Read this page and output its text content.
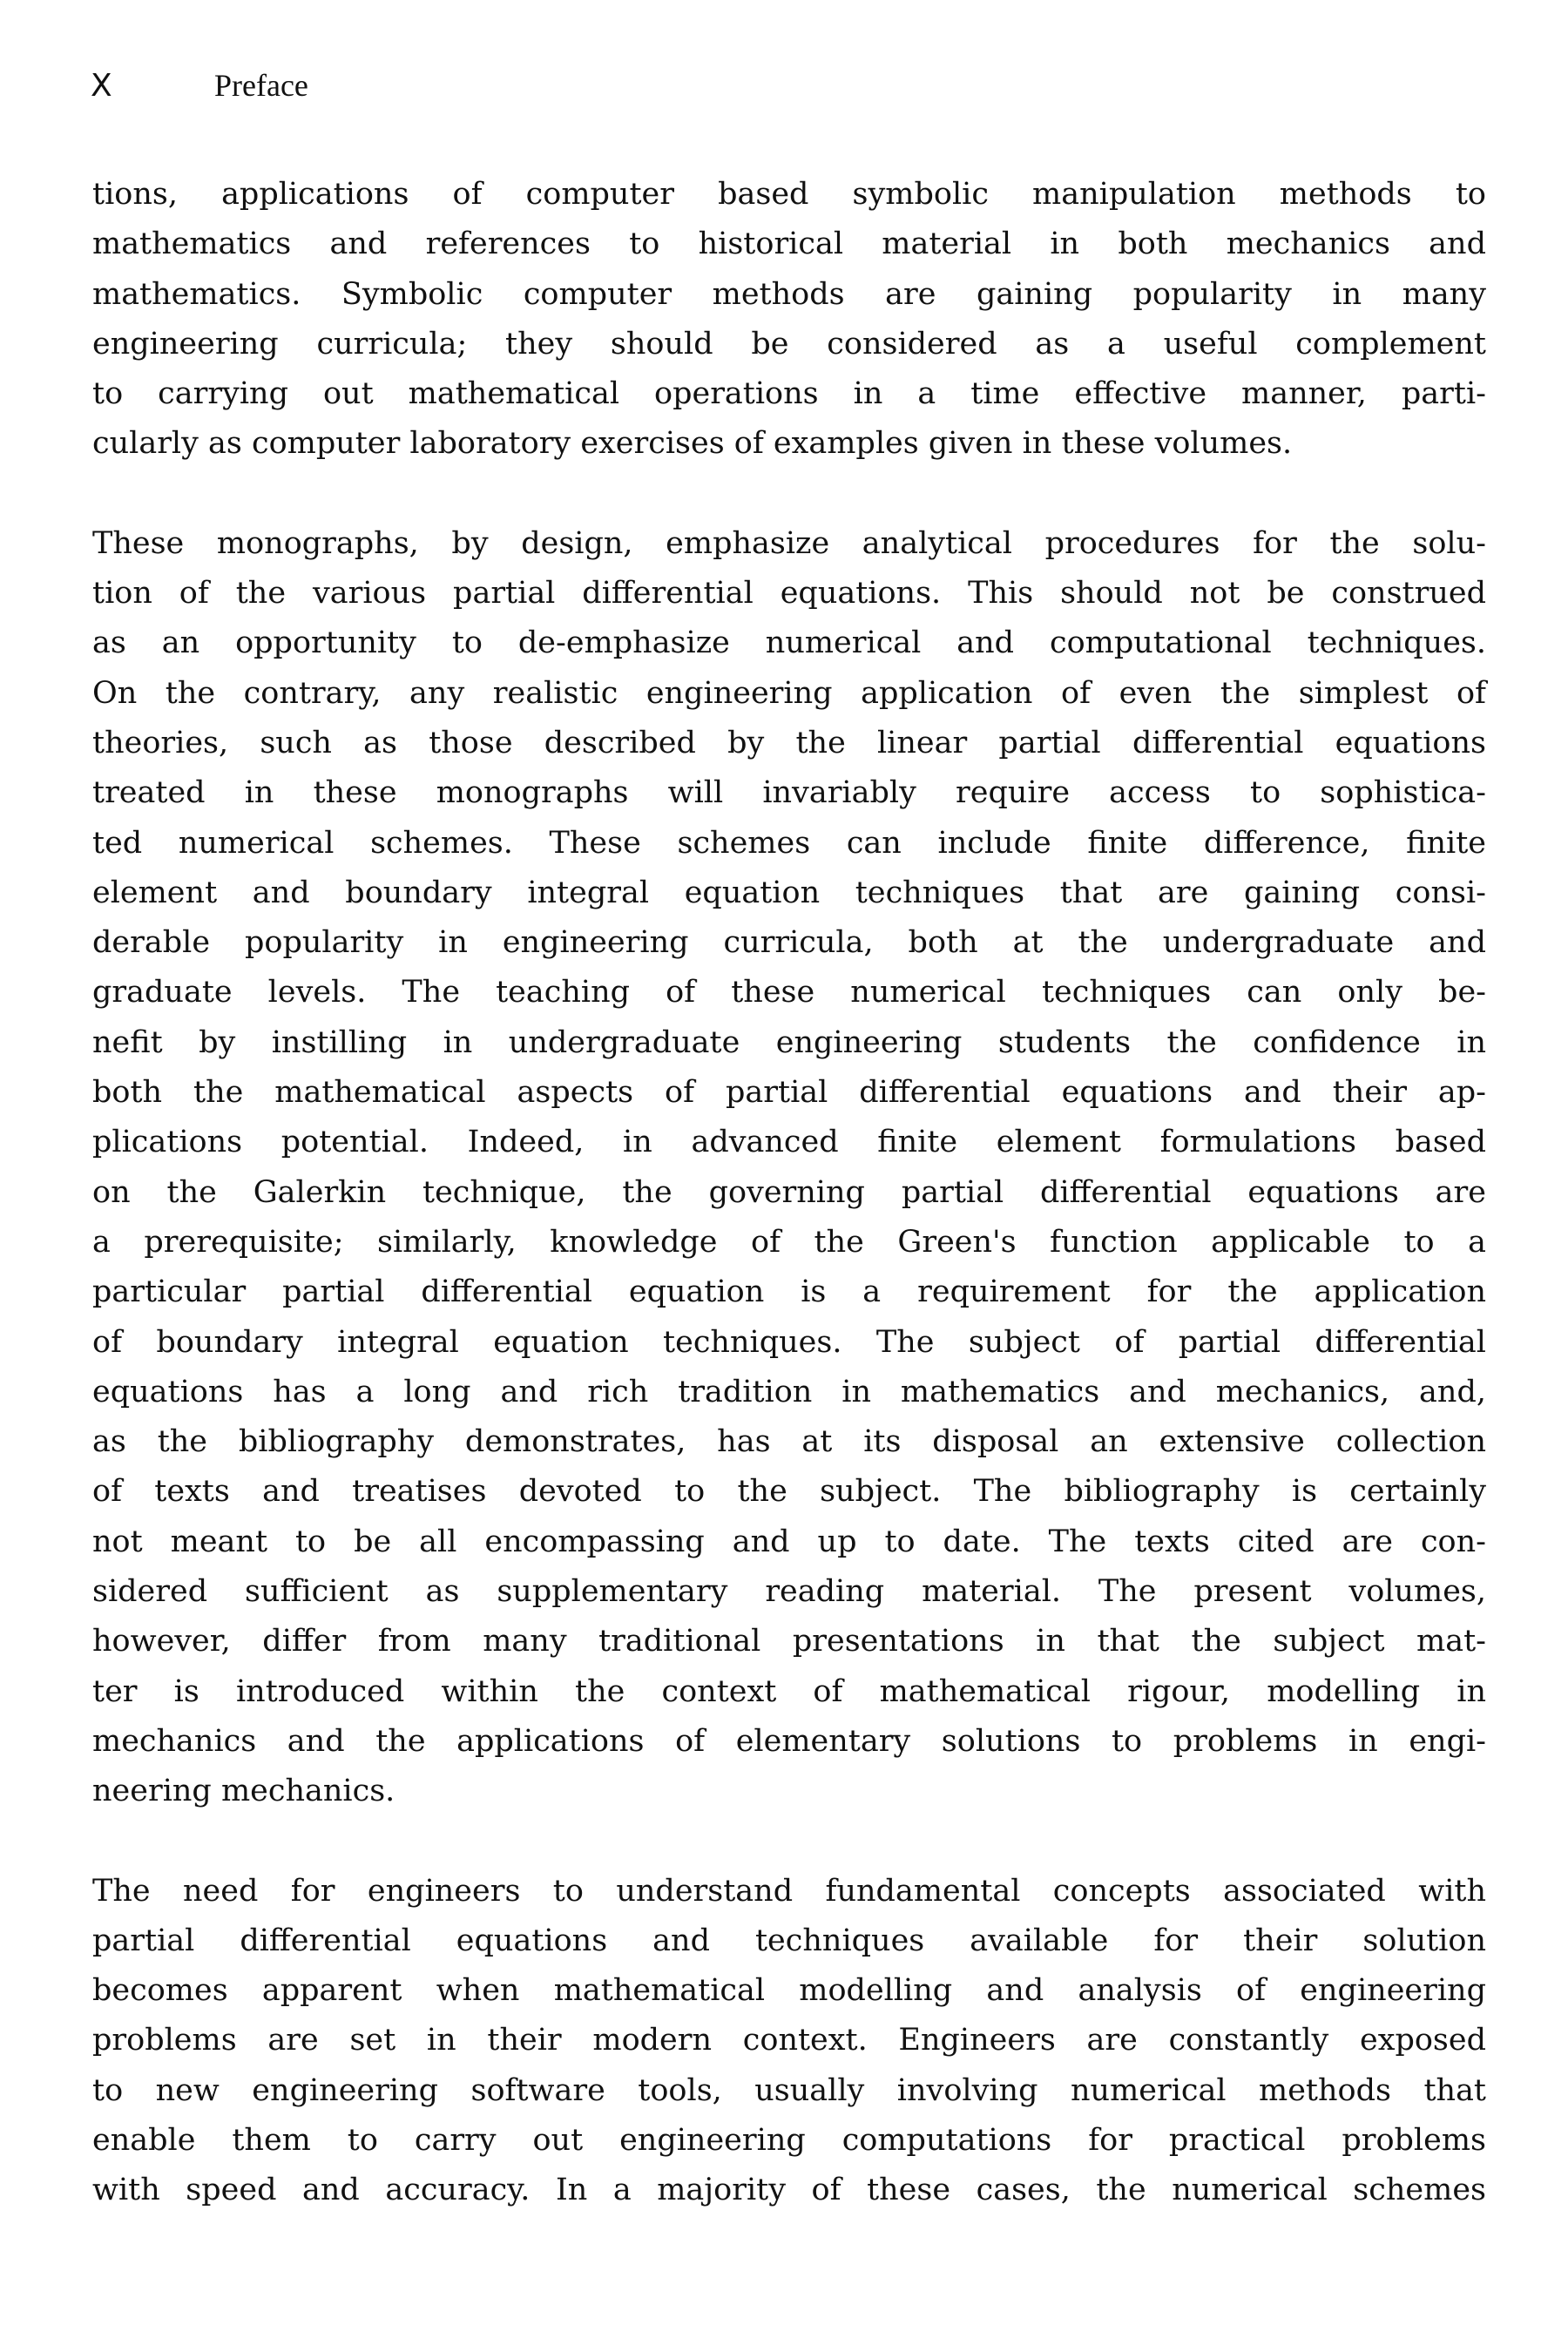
X	Preface
tions, applications of computer based symbolic manipulation methods to
mathematics and references to historical material in both mechanics and
mathematics. Symbolic computer methods are gaining popularity in many
engineering curricula; they should be considered as a useful complement
to carrying out mathematical operations in a time effective manner, parti-
cularly as computer laboratory exercises of examples given in these volumes.
These monographs, by design, emphasize analytical procedures for the solu-
tion of the various partial differential equations. This should not be construed
as an opportunity to de-emphasize numerical and computational techniques.
On the contrary, any realistic engineering application of even the simplest of
theories, such as those described by the linear partial differential equations
treated in these monographs will invariably require access to sophistica-
ted numerical schemes. These schemes can include finite difference, finite
element and boundary integral equation techniques that are gaining consi-
derable popularity in engineering curricula, both at the undergraduate and
graduate levels. The teaching of these numerical techniques can only be-
nefit by instilling in undergraduate engineering students the confidence in
both the mathematical aspects of partial differential equations and their ap-
plications potential. Indeed, in advanced finite element formulations based
on the Galerkin technique, the governing partial differential equations are
a prerequisite; similarly, knowledge of the Green's function applicable to a
particular partial differential equation is a requirement for the application
of boundary integral equation techniques. The subject of partial differential
equations has a long and rich tradition in mathematics and mechanics, and,
as the bibliography demonstrates, has at its disposal an extensive collection
of texts and treatises devoted to the subject. The bibliography is certainly
not meant to be all encompassing and up to date. The texts cited are con-
sidered sufficient as supplementary reading material. The present volumes,
however, differ from many traditional presentations in that the subject mat-
ter is introduced within the context of mathematical rigour, modelling in
mechanics and the applications of elementary solutions to problems in engi-
neering mechanics.
The need for engineers to understand fundamental concepts associated with
partial differential equations and techniques available for their solution
becomes apparent when mathematical modelling and analysis of engineering
problems are set in their modern context. Engineers are constantly exposed
to new engineering software tools, usually involving numerical methods that
enable them to carry out engineering computations for practical problems
with speed and accuracy. In a majority of these cases, the numerical schemes
